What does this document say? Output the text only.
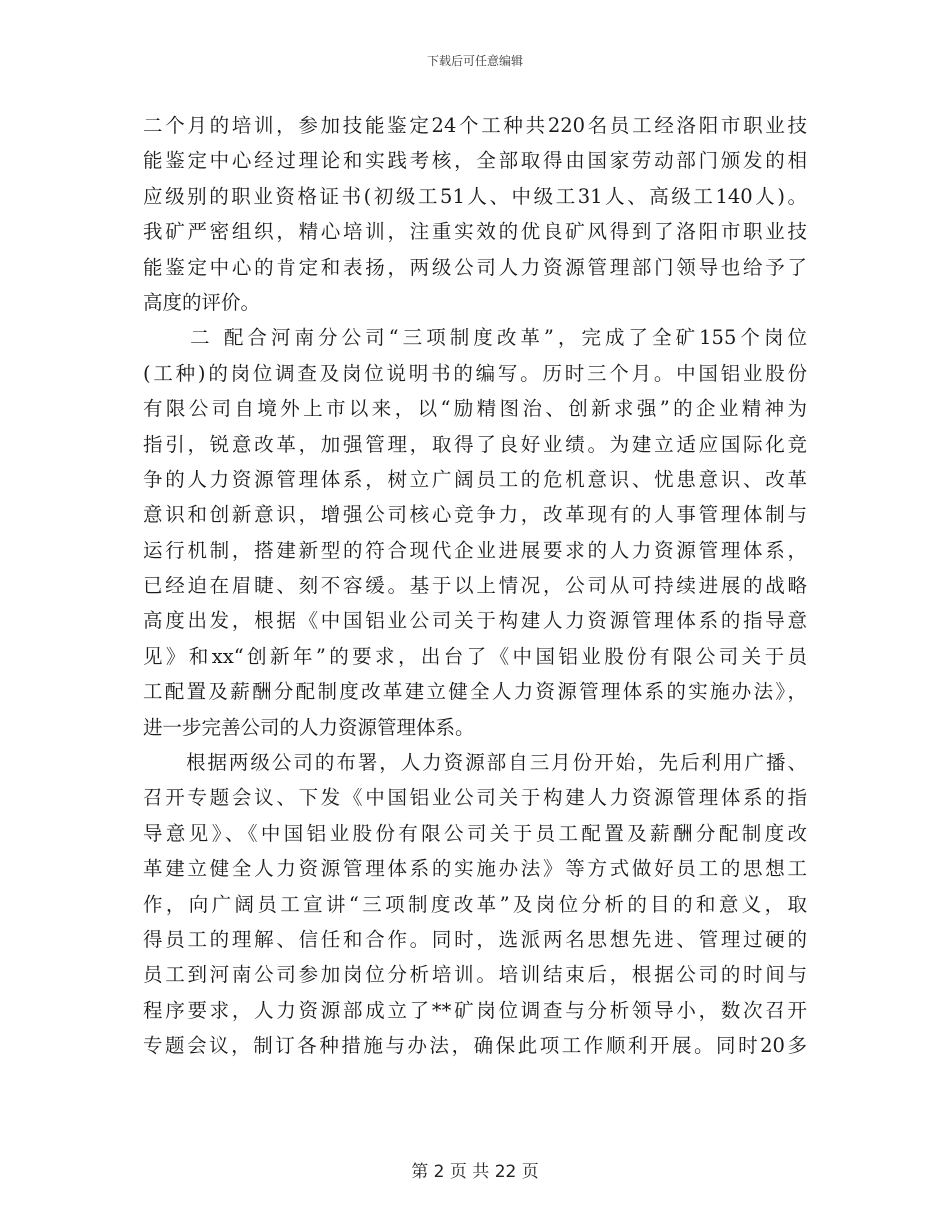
下载后可任意编辑
二个月的培训，参加技能鉴定24个工种共220名员工经洛阳市职业技
能鉴定中心经过理论和实践考核，全部取得由国家劳动部门颁发的相
应级别的职业资格证书(初级工51人、中级工31人、高级工140人)。
我矿严密组织，精心培训，注重实效的优良矿风得到了洛阳市职业技
能鉴定中心的肯定和表扬，两级公司人力资源管理部门领导也给予了
高度的评价。
　　二 配合河南分公司“三项制度改革”，完成了全矿155个岗位
(工种)的岗位调查及岗位说明书的编写。历时三个月。中国铝业股份
有限公司自境外上市以来，以“励精图治、创新求强”的企业精神为
指引，锐意改革，加强管理，取得了良好业绩。为建立适应国际化竞
争的人力资源管理体系，树立广阔员工的危机意识、忧患意识、改革
意识和创新意识，增强公司核心竞争力，改革现有的人事管理体制与
运行机制，搭建新型的符合现代企业进展要求的人力资源管理体系，
已经迫在眉睫、刻不容缓。基于以上情况，公司从可持续进展的战略
高度出发，根据《中国铝业公司关于构建人力资源管理体系的指导意
见》和xx“创新年”的要求，出台了《中国铝业股份有限公司关于员
工配置及薪酬分配制度改革建立健全人力资源管理体系的实施办法》，
进一步完善公司的人力资源管理体系。
　　根据两级公司的布署，人力资源部自三月份开始，先后利用广播、
召开专题会议、下发《中国铝业公司关于构建人力资源管理体系的指
导意见》、《中国铝业股份有限公司关于员工配置及薪酬分配制度改
革建立健全人力资源管理体系的实施办法》等方式做好员工的思想工
作，向广阔员工宣讲“三项制度改革”及岗位分析的目的和意义，取
得员工的理解、信任和合作。同时，选派两名思想先进、管理过硬的
员工到河南公司参加岗位分析培训。培训结束后，根据公司的时间与
程序要求，人力资源部成立了**矿岗位调查与分析领导小，数次召开
专题会议，制订各种措施与办法，确保此项工作顺利开展。同时20多
第 2 页 共 22 页
